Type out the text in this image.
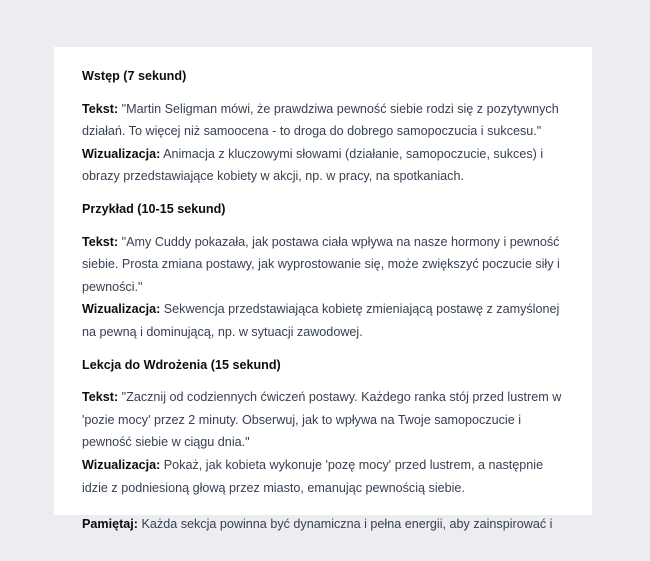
Wstęp (7 sekund)

Tekst: "Martin Seligman mówi, że prawdziwa pewność siebie rodzi się z pozytywnych działań. To więcej niż samoocena - to droga do dobrego samopoczucia i sukcesu."

Wizualizacja: Animacja z kluczowymi słowami (działanie, samopoczucie, sukces) i obrazy przedstawiające kobiety w akcji, np. w pracy, na spotkaniach.

Przykład (10-15 sekund)

Tekst: "Amy Cuddy pokazała, jak postawa ciała wpływa na nasze hormony i pewność siebie. Prosta zmiana postawy, jak wyprostowanie się, może zwiększyć poczucie siły i pewności."

Wizualizacja: Sekwencja przedstawiająca kobietę zmieniającą postawę z zamyślonej na pewną i dominującą, np. w sytuacji zawodowej.

Lekcja do Wdrożenia (15 sekund)

Tekst: "Zacznij od codziennych ćwiczeń postawy. Każdego ranka stój przed lustrem w 'pozie mocy' przez 2 minuty. Obserwuj, jak to wpływa na Twoje samopoczucie i pewność siebie w ciągu dnia."

Wizualizacja: Pokaż, jak kobieta wykonuje 'pozę mocy' przed lustrem, a następnie idzie z podniesioną głową przez miasto, emanując pewnością siebie.

Pamiętaj: Każda sekcja powinna być dynamiczna i pełna energii, aby zainspirować i
